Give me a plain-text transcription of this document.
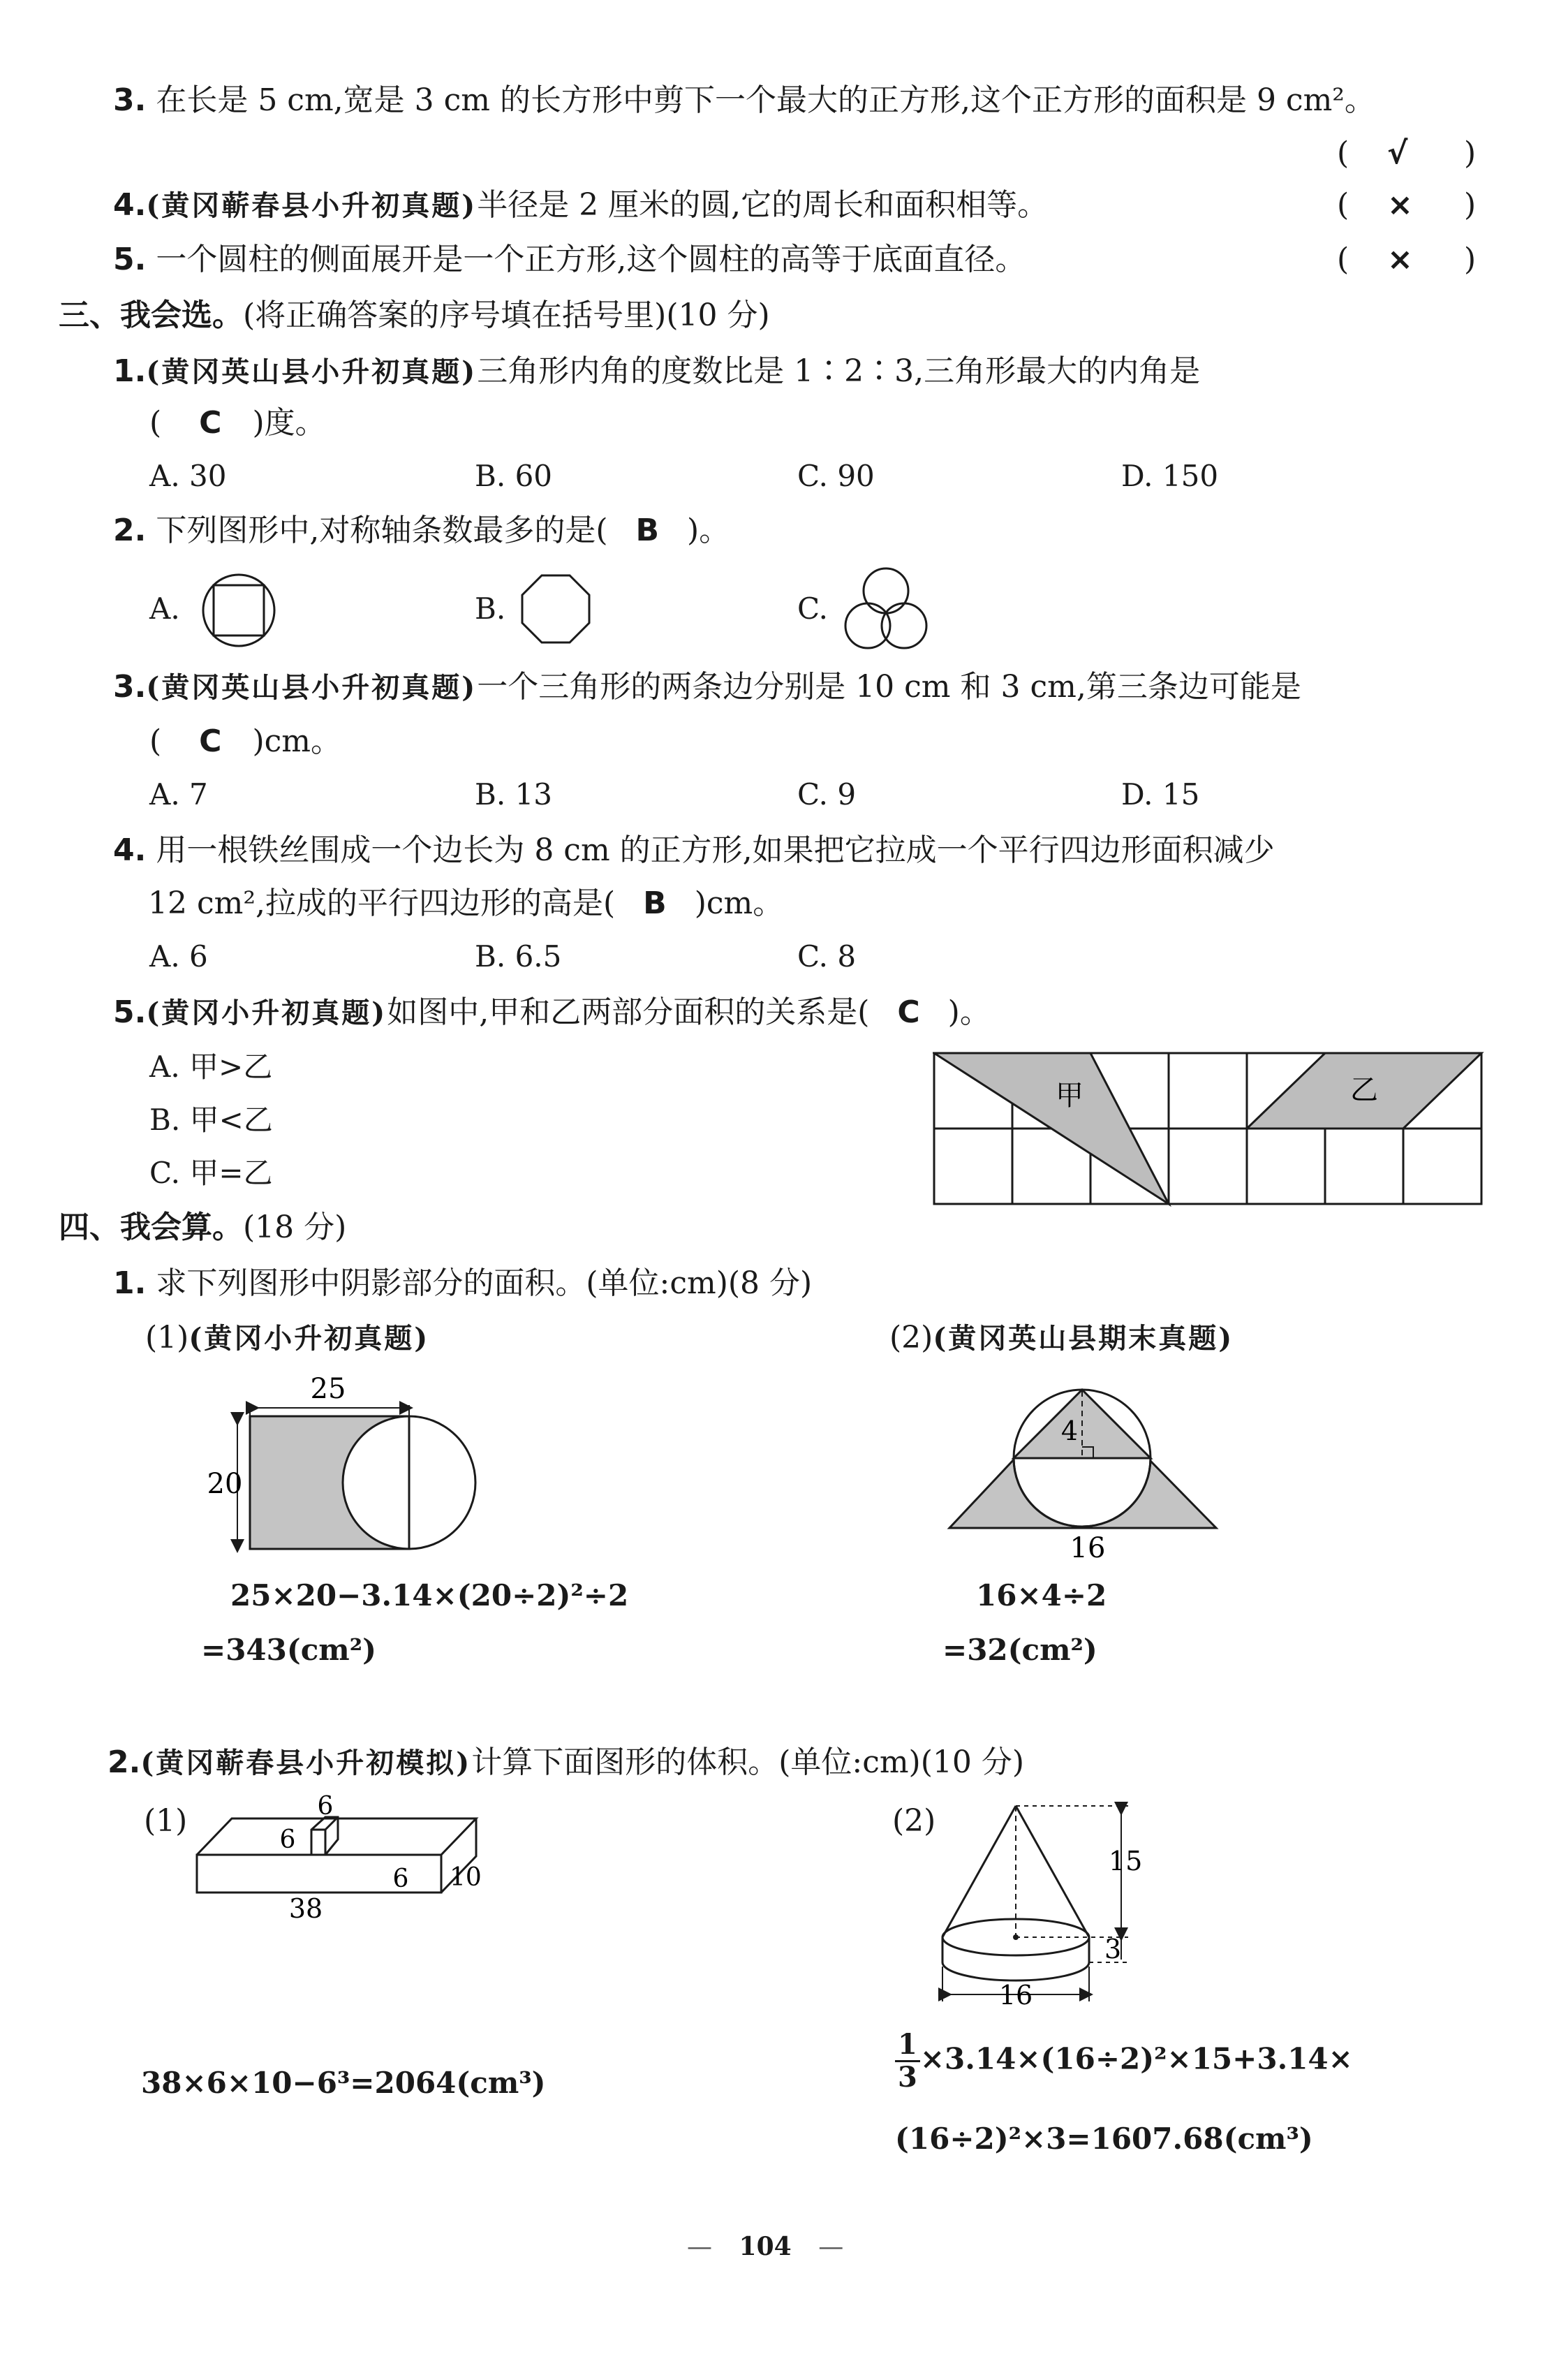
3. 在长是 5 cm,宽是 3 cm 的长方形中剪下一个最大的正方形,这个正方形的面积是 9 cm²。
( √ )
4.(黄冈蕲春县小升初真题)半径是 2 厘米的圆,它的周长和面积相等。	( × )
5. 一个圆柱的侧面展开是一个正方形,这个圆柱的高等于底面直径。	( × )
三、我会选。(将正确答案的序号填在括号里)(10 分)
1.(黄冈英山县小升初真题)三角形内角的度数比是 1∶2∶3,三角形最大的内角是
( C )度。
A. 30	B. 60	C. 90	D. 150
2. 下列图形中,对称轴条数最多的是( B )。
A.	B.	C.
3.(黄冈英山县小升初真题)一个三角形的两条边分别是 10 cm 和 3 cm,第三条边可能是
( C )cm。
A. 7	B. 13	C. 9	D. 15
4. 用一根铁丝围成一个边长为 8 cm 的正方形,如果把它拉成一个平行四边形面积减少
12 cm²,拉成的平行四边形的高是( B )cm。
A. 6	B. 6.5	C. 8
5.(黄冈小升初真题)如图中,甲和乙两部分面积的关系是( C )。
A. 甲>乙
B. 甲<乙
C. 甲=乙
甲	乙
四、我会算。(18 分)
1. 求下列图形中阴影部分的面积。(单位:cm)(8 分)
(1)(黄冈小升初真题)	(2)(黄冈英山县期末真题)
25
20
4
16
25×20−3.14×(20÷2)²÷2
=343(cm²)
16×4÷2
=32(cm²)
2.(黄冈蕲春县小升初模拟)计算下面图形的体积。(单位:cm)(10 分)
(1)	(2)
6
6
6 10
38
15
3
16
38×6×10−6³=2064(cm³)	$\frac{1}{3} \times 3.14\times(16\div 2)^2\times 15+3.14\times$
(16÷2)²×3=1607.68(cm³)
— 104 —
